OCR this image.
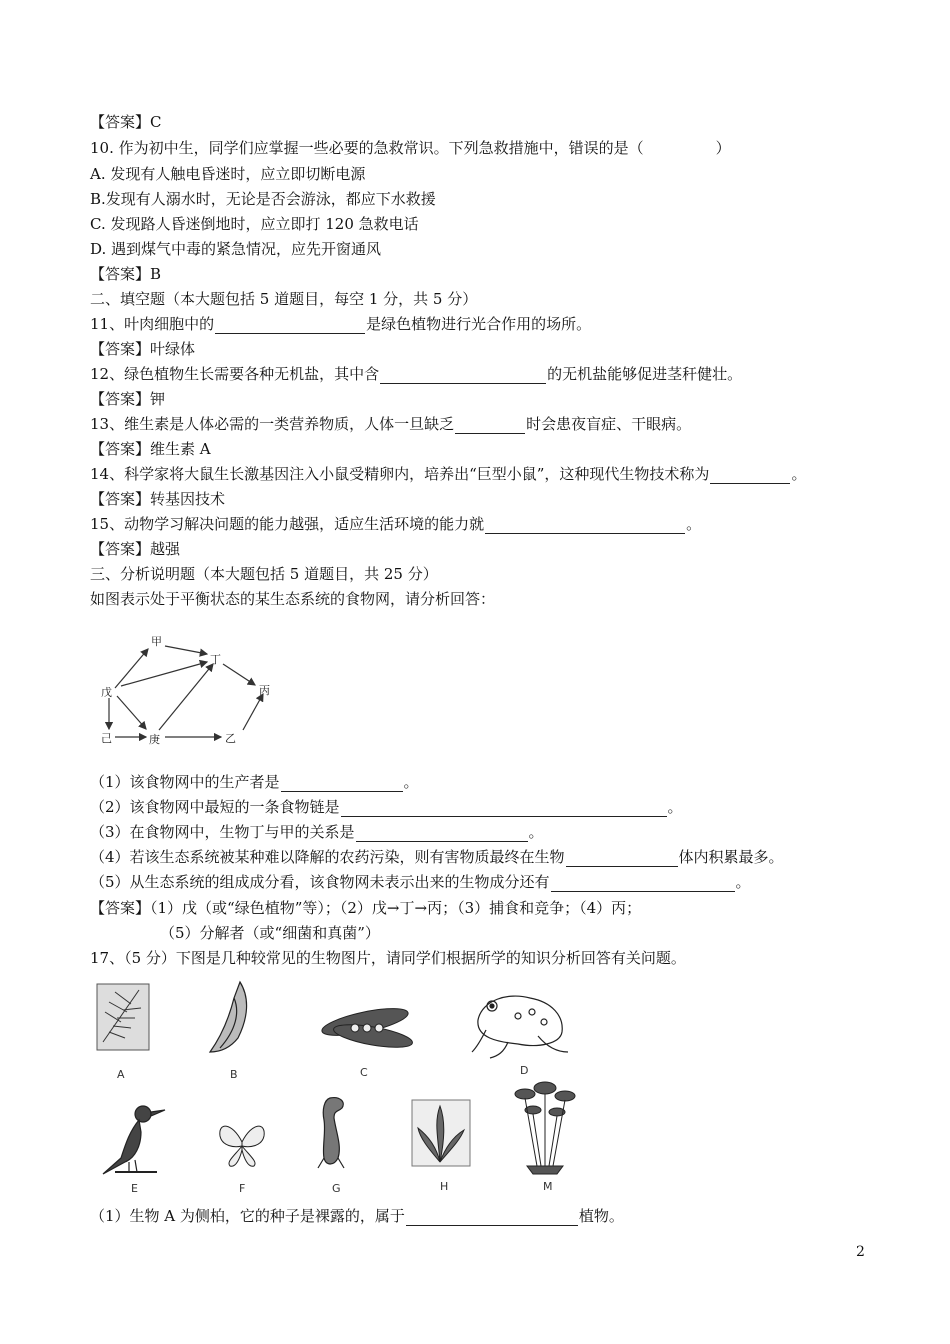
【答案】C
10. 作为初中生，同学们应掌握一些必要的急救常识。下列急救措施中，错误的是（	）
A. 发现有人触电昏迷时，应立即切断电源
B.发现有人溺水时，无论是否会游泳，都应下水救援
C. 发现路人昏迷倒地时，应立即打 120 急救电话
D. 遇到煤气中毒的紧急情况，应先开窗通风
【答案】B
二、填空题（本大题包括 5 道题目，每空 1 分，共 5 分）
11、叶肉细胞中的	是绿色植物进行光合作用的场所。
【答案】叶绿体
12、绿色植物生长需要各种无机盐，其中含	的无机盐能够促进茎秆健壮。
【答案】钾
13、维生素是人体必需的一类营养物质，人体一旦缺乏	时会患夜盲症、干眼病。
【答案】维生素 A
14、科学家将大鼠生长激基因注入小鼠受精卵内，培养出“巨型小鼠”，这种现代生物技术称为	。
【答案】转基因技术
15、动物学习解决问题的能力越强，适应生活环境的能力就	。
【答案】越强
三、分析说明题（本大题包括 5 道题目，共 25 分）
如图表示处于平衡状态的某生态系统的食物网，请分析回答：
甲
丁
戊	丙
己	庚	乙
（1）该食物网中的生产者是	。
（2）该食物网中最短的一条食物链是	。
（3）在食物网中，生物丁与甲的关系是	。
（4）若该生态系统被某种难以降解的农药污染，则有害物质最终在生物	体内积累最多。
（5）从生态系统的组成成分看，该食物网未表示出来的生物成分还有	。
【答案】（1）戊（或“绿色植物”等）；（2）戊→丁→丙；（3）捕食和竞争；（4）丙；
（5）分解者（或“细菌和真菌”）
17、（5 分）下图是几种较常见的生物图片，请同学们根据所学的知识分析回答有关问题。
A	B	C	D
E	F	G	H	M
（1）生物 A 为侧柏，它的种子是裸露的，属于	植物。
2
